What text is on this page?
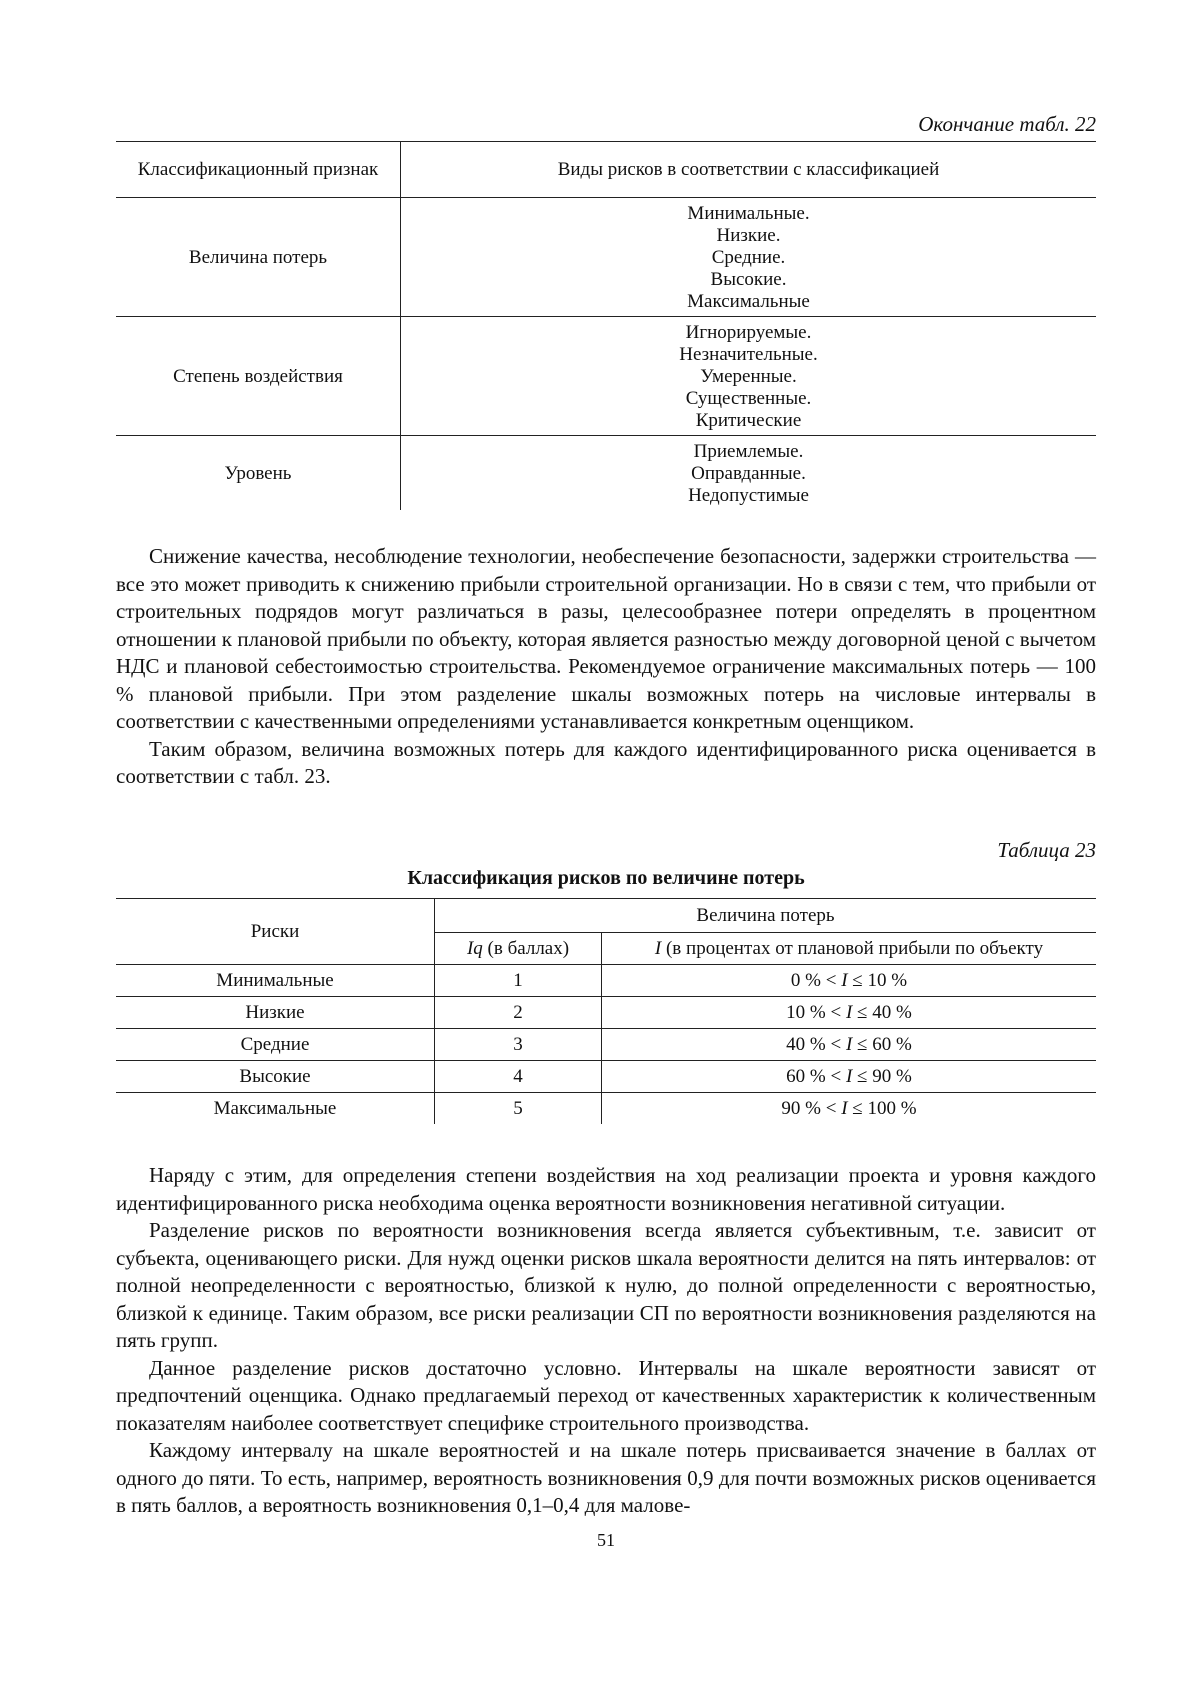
Окончание табл. 22
Классификационный признак	Виды рисков в соответствии с классификацией
Величина потерь	Минимальные.
Низкие.
Средние.
Высокие.
Максимальные

Степень воздействия	Игнорируемые.
Незначительные.
Умеренные.
Существенные.
Критические

Уровень	Приемлемые.
Оправданные.
Недопустимые

Снижение качества, несоблюдение технологии, необеспечение безопасности, задержки строительства — все это может приводить к снижению прибыли строительной организации. Но в связи с тем, что прибыли от строительных подрядов могут различаться в разы, целесообразнее потери определять в процентном отношении к плановой прибыли по объекту, которая является разностью между договорной ценой с вычетом НДС и плановой себестоимостью строительства. Рекомендуемое ограничение максимальных потерь — 100 % плановой прибыли. При этом разделение шкалы возможных потерь на числовые интервалы в соответствии с качественными определениями устанавливается конкретным оценщиком.

Таким образом, величина возможных потерь для каждого идентифицированного риска оценивается в соответствии с табл. 23.

Таблица 23
Классификация рисков по величине потерь
Риски	Величина потерь	
	Iq (в баллах)	I (в процентах от плановой прибыли по объекту
Минимальные	1	0 % < I ≤ 10 %
Низкие	2	10 % < I ≤ 40 %
Средние	3	40 % < I ≤ 60 %
Высокие	4	60 % < I ≤ 90 %
Максимальные	5	90 % < I ≤ 100 %

Наряду с этим, для определения степени воздействия на ход реализации проекта и уровня каждого идентифицированного риска необходима оценка вероятности возникновения негативной ситуации.

Разделение рисков по вероятности возникновения всегда является субъективным, т.е. зависит от субъекта, оценивающего риски. Для нужд оценки рисков шкала вероятности делится на пять интервалов: от полной неопределенности с вероятностью, близкой к нулю, до полной определенности с вероятностью, близкой к единице. Таким образом, все риски реализации СП по вероятности возникновения разделяются на пять групп.

Данное разделение рисков достаточно условно. Интервалы на шкале вероятности зависят от предпочтений оценщика. Однако предлагаемый переход от качественных характеристик к количественным показателям наиболее соответствует специфике строительного производства.

Каждому интервалу на шкале вероятностей и на шкале потерь присваивается значение в баллах от одного до пяти. То есть, например, вероятность возникновения 0,9 для почти возможных рисков оценивается в пять баллов, а вероятность возникновения 0,1–0,4 для малове-

51
